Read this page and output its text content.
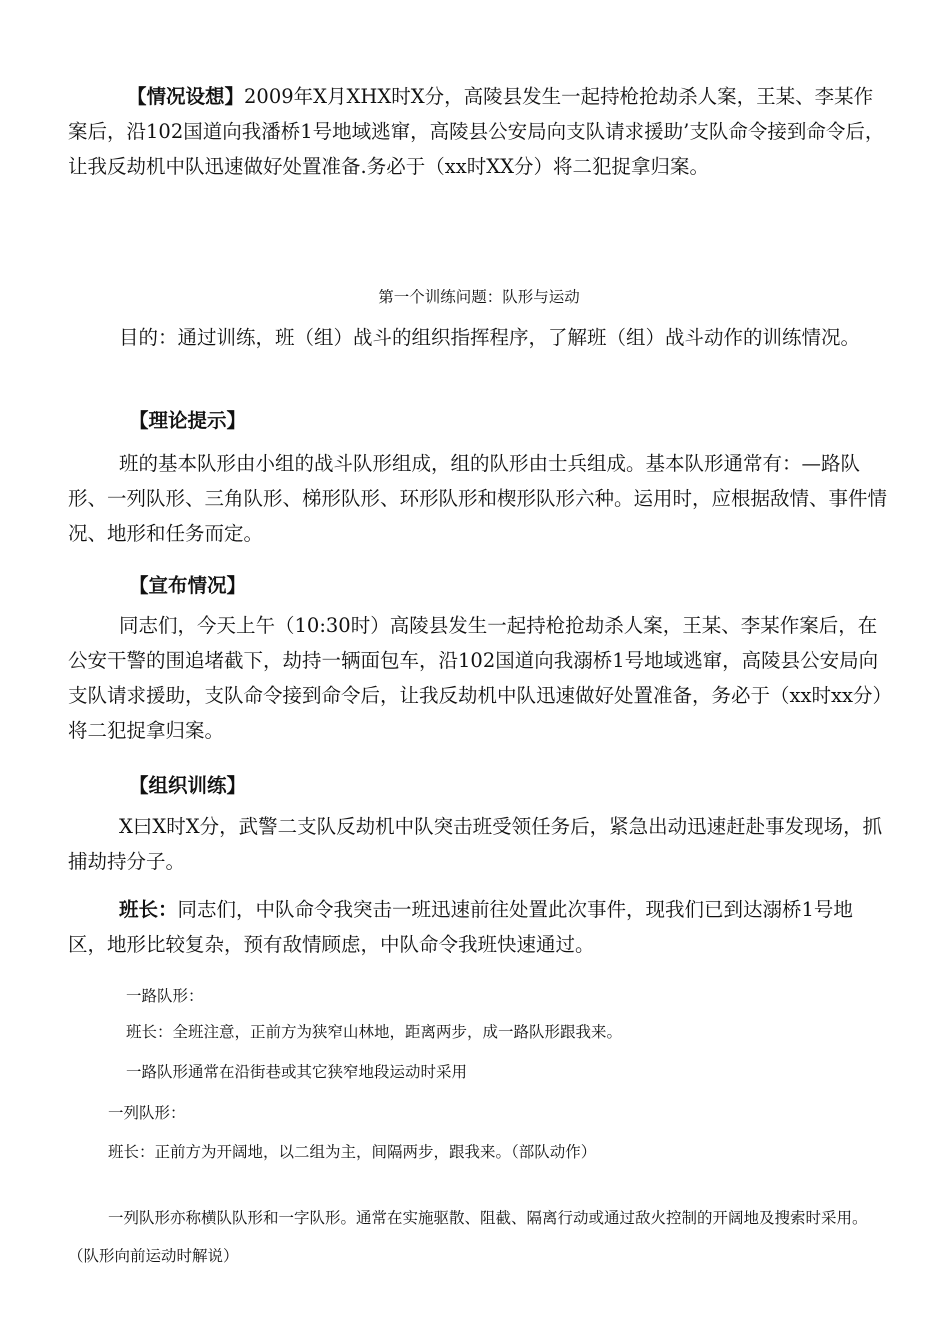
【情况设想】2009年X月XHX时X分，高陵县发生一起持枪抢劫杀人案，王某、李某作案后，沿102国道向我潘桥1号地域逃窜，高陵县公安局向支队请求援助’支队命令接到命令后，让我反劫机中队迅速做好处置准备.务必于（xx时XX分）将二犯捉拿归案。

第一个训练问题：队形与运动

目的：通过训练，班（组）战斗的组织指挥程序，了解班（组）战斗动作的训练情况。

【理论提示】

班的基本队形由小组的战斗队形组成，组的队形由士兵组成。基本队形通常有：—路队形、一列队形、三角队形、梯形队形、环形队形和楔形队形六种。运用时，应根据敌情、事件情况、地形和任务而定。

【宣布情况】

同志们，今天上午（10:30时）高陵县发生一起持枪抢劫杀人案，王某、李某作案后，在公安干警的围追堵截下，劫持一辆面包车，沿102国道向我溺桥1号地域逃窜，高陵县公安局向支队请求援助，支队命令接到命令后，让我反劫机中队迅速做好处置准备，务必于（xx时xx分）将二犯捉拿归案。

【组织训练】

X曰X时X分，武警二支队反劫机中队突击班受领任务后，紧急出动迅速赶赴事发现场，抓捕劫持分子。

班长：同志们，中队命令我突击一班迅速前往处置此次事件，现我们已到达溺桥1号地区，地形比较复杂，预有敌情顾虑，中队命令我班快速通过。

一路队形：

班长：全班注意，正前方为狭窄山林地，距离两步，成一路队形跟我来。

一路队形通常在沿街巷或其它狭窄地段运动时采用

一列队形：

班长：正前方为开阔地，以二组为主，间隔两步，跟我来。（部队动作）

一列队形亦称横队队形和一字队形。通常在实施驱散、阻截、隔离行动或通过敌火控制的开阔地及搜索时采用。（队形向前运动时解说）
